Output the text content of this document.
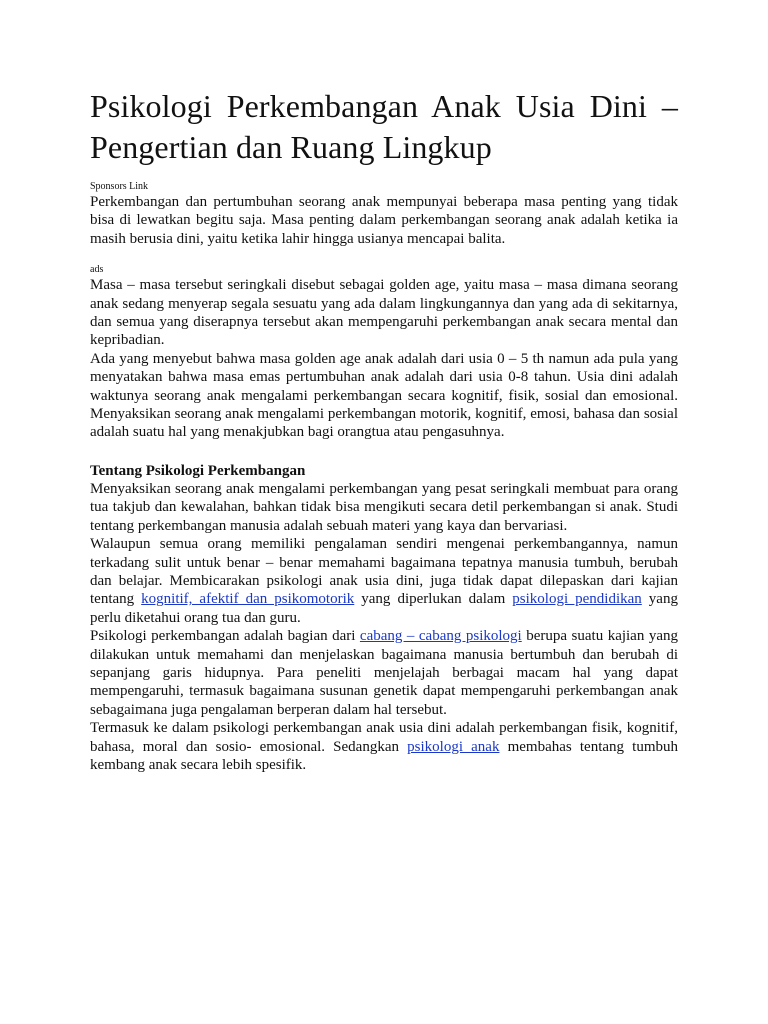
Psikologi Perkembangan Anak Usia Dini – Pengertian dan Ruang Lingkup

Sponsors Link

Perkembangan dan pertumbuhan seorang anak mempunyai beberapa masa penting yang tidak bisa di lewatkan begitu saja. Masa penting dalam perkembangan seorang anak adalah ketika ia masih berusia dini, yaitu ketika lahir hingga usianya mencapai balita.

ads

Masa – masa tersebut seringkali disebut sebagai golden age, yaitu masa – masa dimana seorang anak sedang menyerap segala sesuatu yang ada dalam lingkungannya dan yang ada di sekitarnya, dan semua yang diserapnya tersebut akan mempengaruhi perkembangan anak secara mental dan kepribadian.

Ada yang menyebut bahwa masa golden age anak adalah dari usia 0 – 5 th namun ada pula yang menyatakan bahwa masa emas pertumbuhan anak adalah dari usia 0-8 tahun. Usia dini adalah waktunya seorang anak mengalami perkembangan secara kognitif, fisik, sosial dan emosional. Menyaksikan seorang anak mengalami perkembangan motorik, kognitif, emosi, bahasa dan sosial adalah suatu hal yang menakjubkan bagi orangtua atau pengasuhnya.

Tentang Psikologi Perkembangan

Menyaksikan seorang anak mengalami perkembangan yang pesat seringkali membuat para orang tua takjub dan kewalahan, bahkan tidak bisa mengikuti secara detil perkembangan si anak. Studi tentang perkembangan manusia adalah sebuah materi yang kaya dan bervariasi.

Walaupun semua orang memiliki pengalaman sendiri mengenai perkembangannya, namun terkadang sulit untuk benar – benar memahami bagaimana tepatnya manusia tumbuh, berubah dan belajar. Membicarakan psikologi anak usia dini, juga tidak dapat dilepaskan dari kajian tentang kognitif, afektif dan psikomotorik yang diperlukan dalam psikologi pendidikan yang perlu diketahui orang tua dan guru.

Psikologi perkembangan adalah bagian dari cabang – cabang psikologi berupa suatu kajian yang dilakukan untuk memahami dan menjelaskan bagaimana manusia bertumbuh dan berubah di sepanjang garis hidupnya. Para peneliti menjelajah berbagai macam hal yang dapat mempengaruhi, termasuk bagaimana susunan genetik dapat mempengaruhi perkembangan anak sebagaimana juga pengalaman berperan dalam hal tersebut.

Termasuk ke dalam psikologi perkembangan anak usia dini adalah perkembangan fisik, kognitif, bahasa, moral dan sosio- emosional. Sedangkan psikologi anak membahas tentang tumbuh kembang anak secara lebih spesifik.
